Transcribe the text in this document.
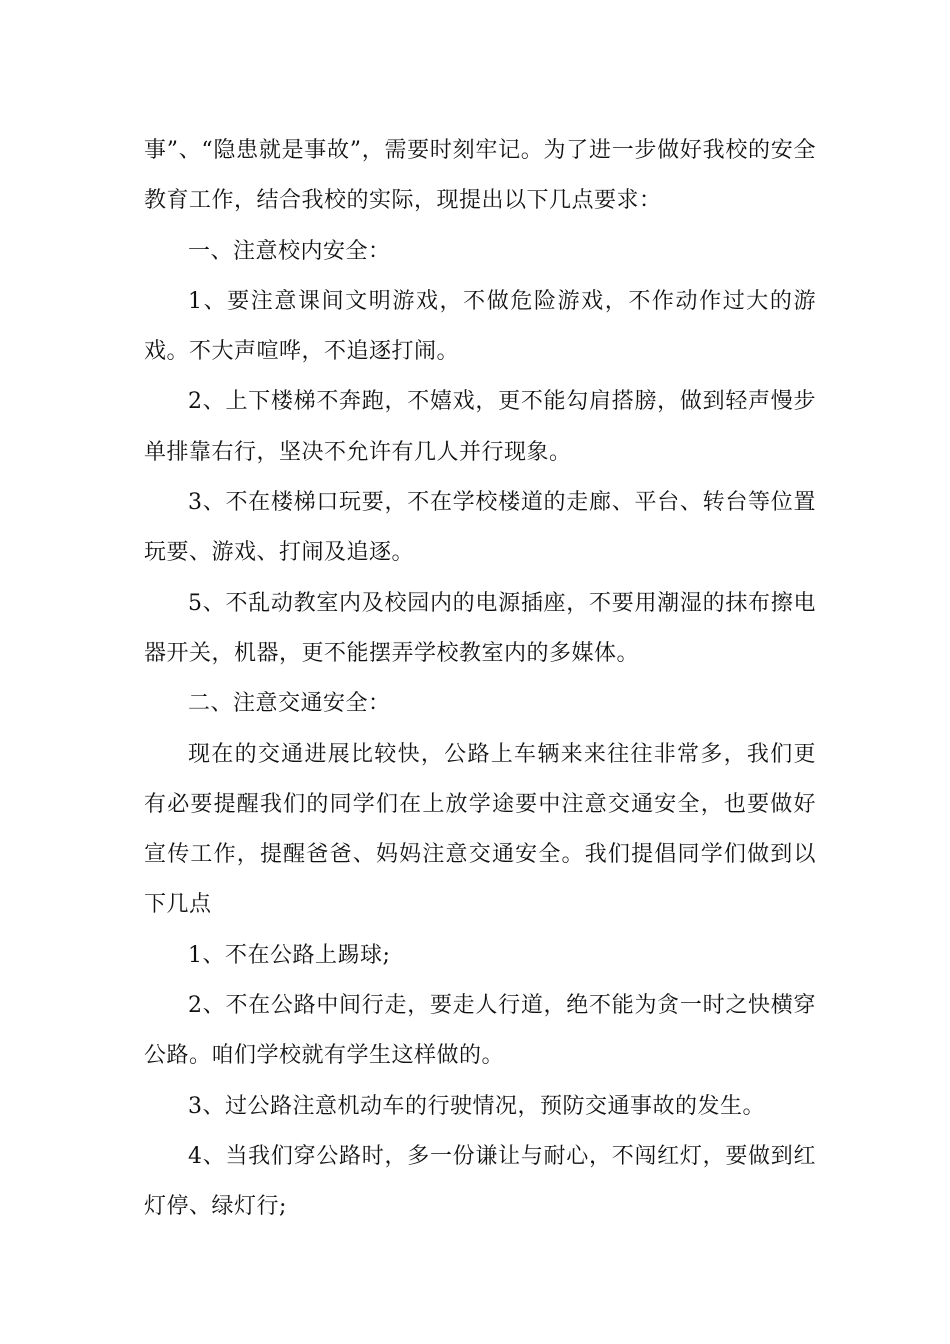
事”、“隐患就是事故”，需要时刻牢记。为了进一步做好我校的安全教育工作，结合我校的实际，现提出以下几点要求：

一、注意校内安全：

1、要注意课间文明游戏，不做危险游戏，不作动作过大的游戏。不大声喧哗，不追逐打闹。

2、上下楼梯不奔跑，不嬉戏，更不能勾肩搭膀，做到轻声慢步单排靠右行，坚决不允许有几人并行现象。

3、不在楼梯口玩要，不在学校楼道的走廊、平台、转台等位置玩要、游戏、打闹及追逐。

5、不乱动教室内及校园内的电源插座，不要用潮湿的抹布擦电器开关，机器，更不能摆弄学校教室内的多媒体。

二、注意交通安全：

现在的交通进展比较快，公路上车辆来来往往非常多，我们更有必要提醒我们的同学们在上放学途要中注意交通安全，也要做好宣传工作，提醒爸爸、妈妈注意交通安全。我们提倡同学们做到以下几点

1、不在公路上踢球;

2、不在公路中间行走，要走人行道，绝不能为贪一时之快横穿公路。咱们学校就有学生这样做的。

3、过公路注意机动车的行驶情况，预防交通事故的发生。

4、当我们穿公路时，多一份谦让与耐心，不闯红灯，要做到红灯停、绿灯行;
